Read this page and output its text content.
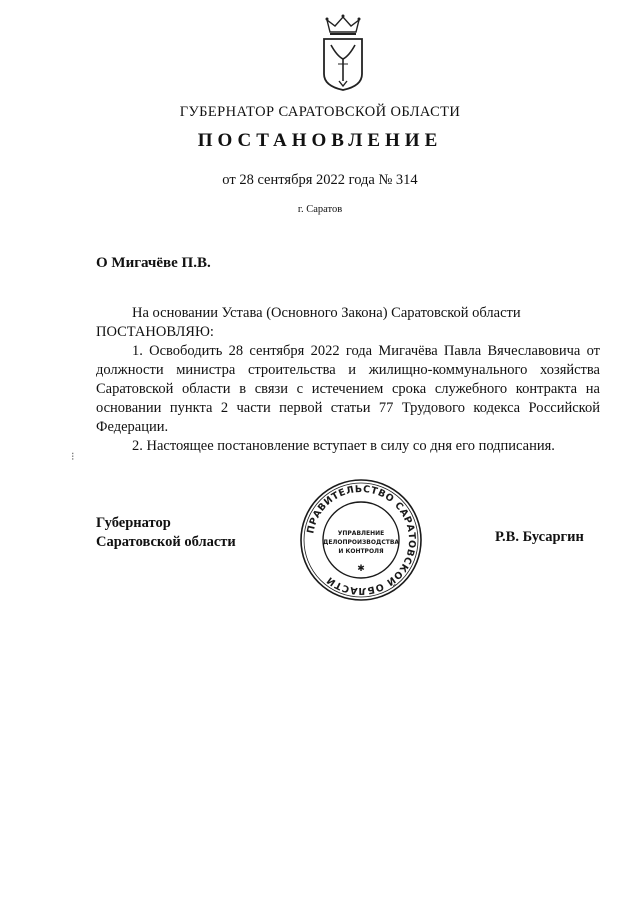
ГУБЕРНАТОР САРАТОВСКОЙ ОБЛАСТИ
ПОСТАНОВЛЕНИЕ
от 28 сентября 2022 года № 314
г. Саратов
О Мигачёве П.В.

На основании Устава (Основного Закона) Саратовской области

ПОСТАНОВЛЯЮ:

1. Освободить 28 сентября 2022 года Мигачёва Павла Вячеславовича от должности министра строительства и жилищно-коммунального хозяйства Саратовской области в связи с истечением срока служебного контракта на основании пункта 2 части первой статьи 77 Трудового кодекса Российской Федерации.

2. Настоящее постановление вступает в силу со дня его подписания.

⁝
Губернатор
Саратовской области
ПРАВИТЕЛЬСТВО САРАТОВСКОЙ ОБЛАСТИ
УПРАВЛЕНИЕ
ДЕЛОПРОИЗВОДСТВА
И КОНТРОЛЯ
✱
Р.В. Бусаргин
